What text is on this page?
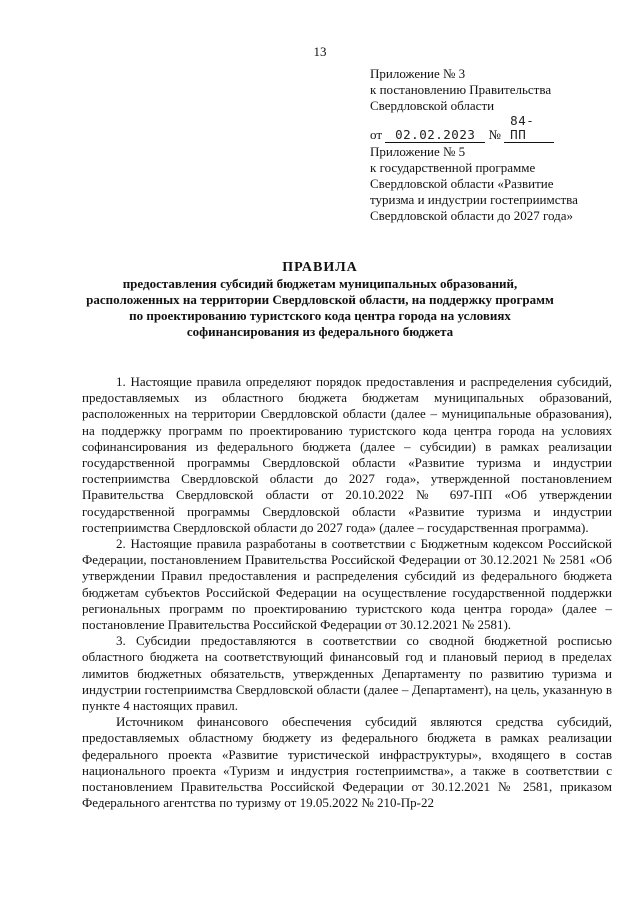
13
Приложение № 3
к постановлению Правительства
Свердловской области
от 02.02.2023 № 84-ПП
Приложение № 5
к государственной программе
Свердловской области «Развитие
туризма и индустрии гостеприимства
Свердловской области до 2027 года»
ПРАВИЛА
предоставления субсидий бюджетам муниципальных образований, расположенных на территории Свердловской области, на поддержку программ по проектированию туристского кода центра города на условиях софинансирования из федерального бюджета

1. Настоящие правила определяют порядок предоставления и распределения субсидий, предоставляемых из областного бюджета бюджетам муниципальных образований, расположенных на территории Свердловской области (далее – муниципальные образования), на поддержку программ по проектированию туристского кода центра города на условиях софинансирования из федерального бюджета (далее – субсидии) в рамках реализации государственной программы Свердловской области «Развитие туризма и индустрии гостеприимства Свердловской области до 2027 года», утвержденной постановлением Правительства Свердловской области от 20.10.2022 № 697-ПП «Об утверждении государственной программы Свердловской области «Развитие туризма и индустрии гостеприимства Свердловской области до 2027 года» (далее – государственная программа).

2. Настоящие правила разработаны в соответствии с Бюджетным кодексом Российской Федерации, постановлением Правительства Российской Федерации от 30.12.2021 № 2581 «Об утверждении Правил предоставления и распределения субсидий из федерального бюджета бюджетам субъектов Российской Федерации на осуществление государственной поддержки региональных программ по проектированию туристского кода центра города» (далее – постановление Правительства Российской Федерации от 30.12.2021 № 2581).

3. Субсидии предоставляются в соответствии со сводной бюджетной росписью областного бюджета на соответствующий финансовый год и плановый период в пределах лимитов бюджетных обязательств, утвержденных Департаменту по развитию туризма и индустрии гостеприимства Свердловской области (далее – Департамент), на цель, указанную в пункте 4 настоящих правил.

Источником финансового обеспечения субсидий являются средства субсидий, предоставляемых областному бюджету из федерального бюджета в рамках реализации федерального проекта «Развитие туристической инфраструктуры», входящего в состав национального проекта «Туризм и индустрия гостеприимства», а также в соответствии с постановлением Правительства Российской Федерации от 30.12.2021 № 2581, приказом Федерального агентства по туризму от 19.05.2022 № 210-Пр-22
